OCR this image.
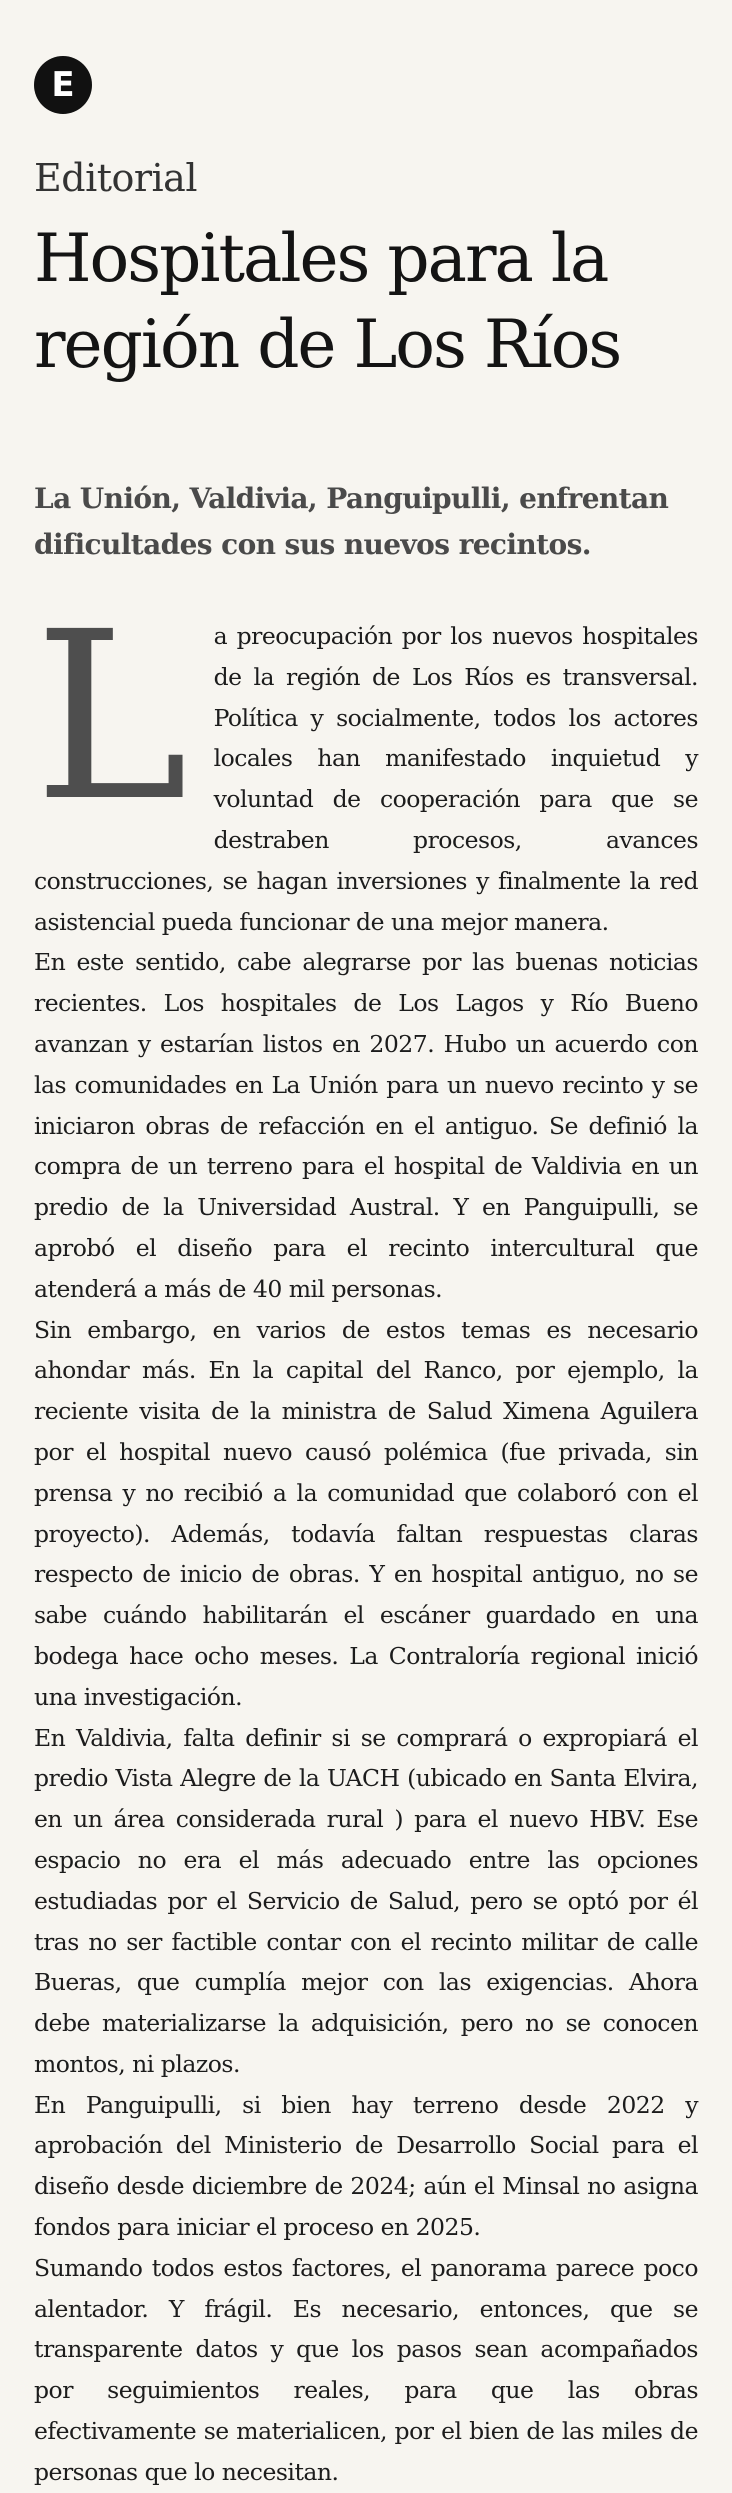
E
Editorial
Hospitales para la región de Los Ríos

La Unión, Valdivia, Panguipulli, enfrentan dificultades con sus nuevos recintos.

L a preocupación por los nuevos hospitales de la región de Los Ríos es transversal. Política y socialmente, todos los actores locales han manifestado inquietud y voluntad de cooperación para que se destraben procesos, avances construcciones, se hagan inversiones y finalmente la red asistencial pueda funcionar de una mejor manera.

En este sentido, cabe alegrarse por las buenas noticias recientes. Los hospitales de Los Lagos y Río Bueno avanzan y estarían listos en 2027. Hubo un acuerdo con las comunidades en La Unión para un nuevo recinto y se iniciaron obras de refacción en el antiguo. Se definió la compra de un terreno para el hospital de Valdivia en un predio de la Universidad Austral. Y en Panguipulli, se aprobó el diseño para el recinto intercultural que atenderá a más de 40 mil personas.

Sin embargo, en varios de estos temas es necesario ahondar más. En la capital del Ranco, por ejemplo, la reciente visita de la ministra de Salud Ximena Aguilera por el hospital nuevo causó polémica (fue privada, sin prensa y no recibió a la comunidad que colaboró con el proyecto). Además, todavía faltan respuestas claras respecto de inicio de obras. Y en hospital antiguo, no se sabe cuándo habilitarán el escáner guardado en una bodega hace ocho meses. La Contraloría regional inició una investigación.

En Valdivia, falta definir si se comprará o expropiará el predio Vista Alegre de la UACH (ubicado en Santa Elvira, en un área considerada rural ) para el nuevo HBV. Ese espacio no era el más adecuado entre las opciones estudiadas por el Servicio de Salud, pero se optó por él tras no ser factible contar con el recinto militar de calle Bueras, que cumplía mejor con las exigencias. Ahora debe materializarse la adquisición, pero no se conocen montos, ni plazos.

En Panguipulli, si bien hay terreno desde 2022 y aprobación del Ministerio de Desarrollo Social para el diseño desde diciembre de 2024; aún el Minsal no asigna fondos para iniciar el proceso en 2025.

Sumando todos estos factores, el panorama parece poco alentador. Y frágil. Es necesario, entonces, que se transparente datos y que los pasos sean acompañados por seguimientos reales, para que las obras efectivamente se materialicen, por el bien de las miles de personas que lo necesitan.
